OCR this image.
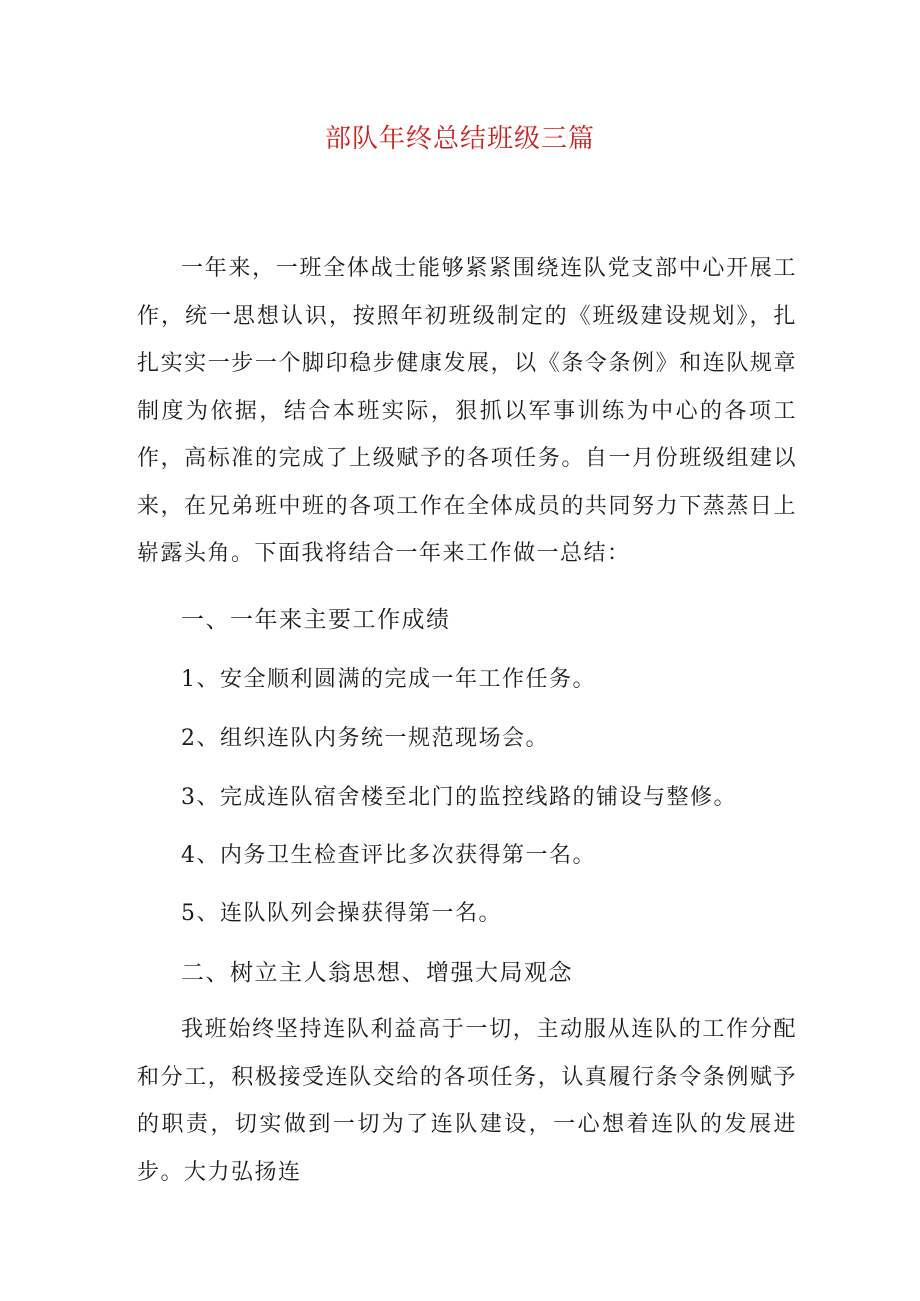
部队年终总结班级三篇

一年来，一班全体战士能够紧紧围绕连队党支部中心开展工作，统一思想认识，按照年初班级制定的《班级建设规划》，扎扎实实一步一个脚印稳步健康发展，以《条令条例》和连队规章制度为依据，结合本班实际，狠抓以军事训练为中心的各项工作，高标准的完成了上级赋予的各项任务。自一月份班级组建以来，在兄弟班中班的各项工作在全体成员的共同努力下蒸蒸日上崭露头角。下面我将结合一年来工作做一总结：

一、一年来主要工作成绩

1、安全顺利圆满的完成一年工作任务。

2、组织连队内务统一规范现场会。

3、完成连队宿舍楼至北门的监控线路的铺设与整修。

4、内务卫生检查评比多次获得第一名。

5、连队队列会操获得第一名。

二、树立主人翁思想、增强大局观念

我班始终坚持连队利益高于一切，主动服从连队的工作分配和分工，积极接受连队交给的各项任务，认真履行条令条例赋予的职责，切实做到一切为了连队建设，一心想着连队的发展进步。大力弘扬连
